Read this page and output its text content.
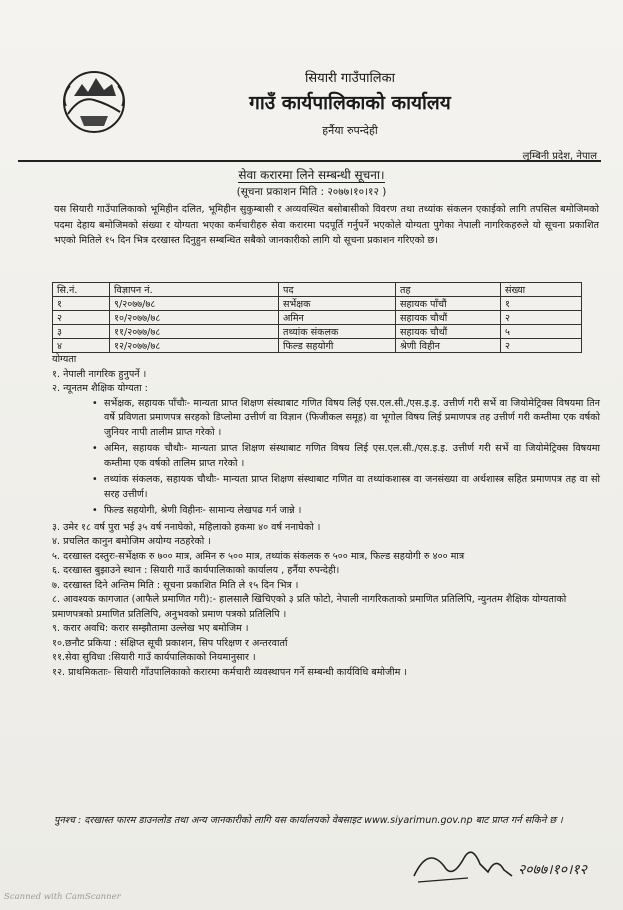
सियारी गाउँपालिका
गाउँ कार्यपालिकाको कार्यालय
हर्नैया रुपन्देही
लुम्बिनी प्रदेश, नेपाल
सेवा करारमा लिने सम्बन्धी सूचना।
(सूचना प्रकाशन मिति : २०७७।१०।१२ )
यस सियारी गाउँपालिकाको भूमिहीन दलित, भूमिहीन सुकुम्बासी र अव्यवस्थित बसोबासीको विवरण तथा तथ्यांक संकलन एकाईको लागि तपसिल बमोजिमको पदमा देहाय बमोजिमको संख्या र योग्यता भएका कर्मचारीहरु सेवा करारमा पदपूर्ति गर्नुपर्ने भएकोले योग्यता पुगेका नेपाली नागरिकहरुले यो सूचना प्रकाशित भएको मितिले १५ दिन भित्र दरखास्त दिनुहुन सम्बन्धित सबैको जानकारीको लागि यो सूचना प्रकाशन गरिएको छ।
सि.नं.	विज्ञापन नं.	पद	तह	संख्या
१	९/२०७७/७८	सर्भेक्षक	सहायक पाँचौं	१
२	१०/२०७७/७८	अमिन	सहायक चौथौं	२
३	११/२०७७/७८	तथ्यांक संकलक	सहायक चौथौं	५
४	१२/२०७७/७८	फिल्ड सहयोगी	श्रेणी विहीन	२

योग्यता

१. नेपाली नागरिक हुनुपर्ने ।

२. न्यूनतम शैक्षिक योग्यता :

• सर्भेक्षक, सहायक पाँचौः- मान्यता प्राप्त शिक्षण संस्थाबाट गणित विषय लिई एस.एल.सी./एस.इ.इ. उत्तीर्ण गरी सर्भे वा जियोमेट्रिक्स विषयमा तिन वर्षे प्रविणता प्रमाणपत्र सरहको डिप्लोमा उत्तीर्ण वा विज्ञान (फिजीकल समूह) वा भूगोल विषय लिई प्रमाणपत्र तह उत्तीर्ण गरी कम्तीमा एक वर्षको जुनियर नापी तालीम प्राप्त गरेको ।
• अमिन, सहायक चौथौः- मान्यता प्राप्त शिक्षण संस्थाबाट गणित विषय लिई एस.एल.सी./एस.इ.इ. उत्तीर्ण गरी सर्भे वा जियोमेट्रिक्स विषयमा कम्तीमा एक वर्षको तालिम प्राप्त गरेको ।
• तथ्यांक संकलक, सहायक चौथौः- मान्यता प्राप्त शिक्षण संस्थाबाट गणित वा तथ्यांकशास्त्र वा जनसंख्या वा अर्थशास्त्र सहित प्रमाणपत्र तह वा सो सरह उत्तीर्ण।
• फिल्ड सहयोगी, श्रेणी विहीनः- सामान्य लेखपढ गर्न जान्ने ।

३. उमेर १८ वर्ष पुरा भई ३५ वर्ष ननाघेको, महिलाको हकमा ४० वर्ष ननाघेको ।

४. प्रचलित कानुन बमोजिम अयोग्य नठहरेको ।

५. दरखास्त दस्तुरः-सर्भेक्षक रु ७०० मात्र, अमिन रु ५०० मात्र, तथ्यांक संकलक रु ५०० मात्र, फिल्ड सहयोगी रु ४०० मात्र

६. दरखास्त बुझाउने स्थान : सियारी गाउँ कार्यपालिकाको कार्यालय , हर्नैया रुपन्देही।

७. दरखास्त दिने अन्तिम मिति : सूचना प्रकाशित मिति ले १५ दिन भित्र ।

८. आवश्यक कागजात (आफैले प्रमाणित गरी):- हालसालै खिचिएको ३ प्रति फोटो, नेपाली नागरिकताको प्रमाणित प्रतिलिपि, न्युनतम शैक्षिक योग्यताको प्रमाणपत्रको प्रमाणित प्रतिलिपि, अनुभवको प्रमाण पत्रको प्रतिलिपि ।

९. करार अवधि: करार सम्झौतामा उल्लेख भए बमोजिम ।

१०.छनौट प्रकिया : संक्षिप्त सूची प्रकाशन, सिप परिक्षण र अन्तरवार्ता

११.सेवा सुविधा :सियारी गाउँ कार्यपालिकाको नियमानुसार ।

१२. प्राथमिकताः- सियारी गाँउपालिकाको करारमा कर्मचारी व्यवस्थापन गर्ने सम्बन्धी कार्यविधि बमोजीम ।

पुनश्च : दरखास्त फारम डाउनलोड तथा अन्य जानकारीको लागि यस कार्यालयको वेबसाइट www.siyarimun.gov.np बाट प्राप्त गर्न सकिने छ ।
२०७७।१०।१२
Scanned with CamScanner
